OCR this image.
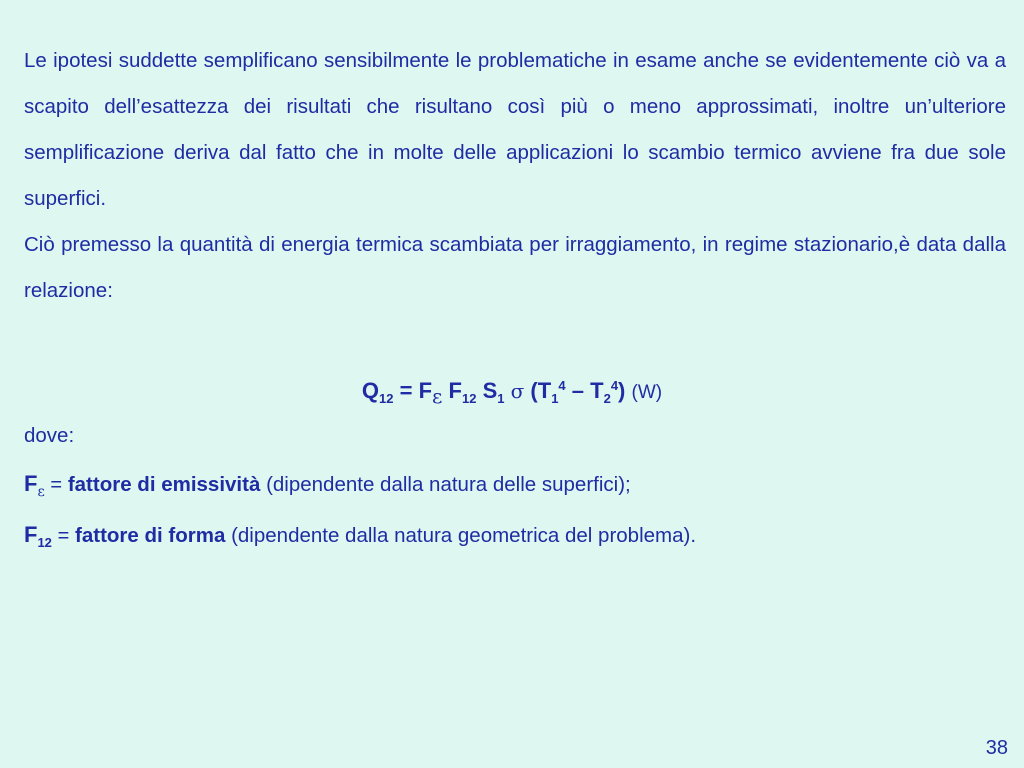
Le ipotesi suddette semplificano sensibilmente le problematiche in esame anche se evidentemente ciò va a scapito dell’esattezza dei risultati che risultano così più o meno approssimati, inoltre un’ulteriore semplificazione deriva dal fatto che in molte delle applicazioni lo scambio termico avviene fra due sole superfici.

Ciò premesso la quantità di energia termica scambiata per irraggiamento, in regime stazionario,è data dalla relazione:

$Q_{12} = F_\varepsilon$ $F_{12}$ $S_1$ σ $(T_1^4 - T_2^4)$ (W)
dove:
$F_\varepsilon$ = fattore di emissività (dipendente dalla natura delle superfici);
$F_{12}$ = fattore di forma (dipendente dalla natura geometrica del problema).
38
